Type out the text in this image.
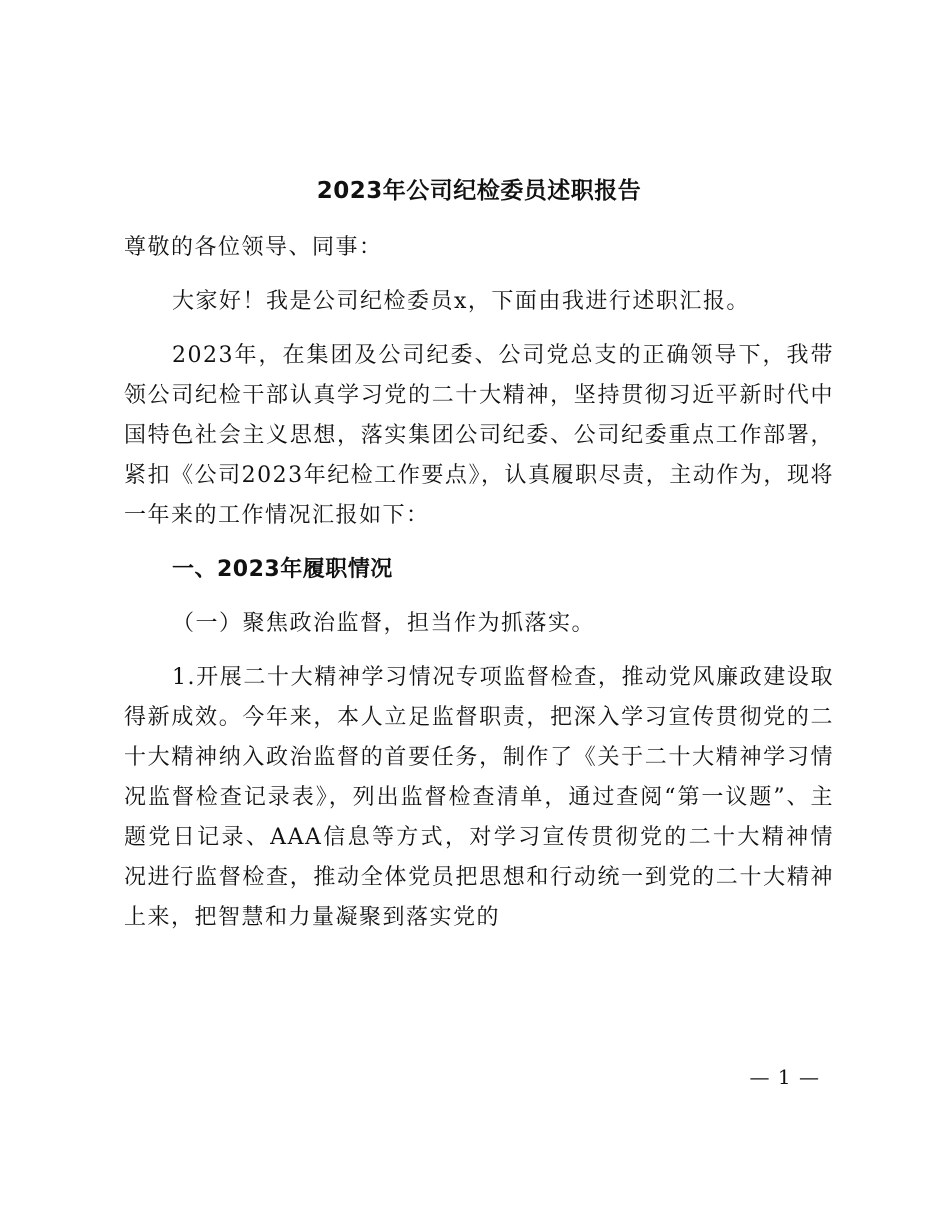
2023年公司纪检委员述职报告

尊敬的各位领导、同事：

大家好！我是公司纪检委员x，下面由我进行述职汇报。

2023年，在集团及公司纪委、公司党总支的正确领导下，我带领公司纪检干部认真学习党的二十大精神，坚持贯彻习近平新时代中国特色社会主义思想，落实集团公司纪委、公司纪委重点工作部署，紧扣《公司2023年纪检工作要点》，认真履职尽责，主动作为，现将一年来的工作情况汇报如下：

一、2023年履职情况

（一）聚焦政治监督，担当作为抓落实。

1.开展二十大精神学习情况专项监督检查，推动党风廉政建设取得新成效。今年来，本人立足监督职责，把深入学习宣传贯彻党的二十大精神纳入政治监督的首要任务，制作了《关于二十大精神学习情况监督检查记录表》，列出监督检查清单，通过查阅“第一议题”、主题党日记录、AAA信息等方式，对学习宣传贯彻党的二十大精神情况进行监督检查，推动全体党员把思想和行动统一到党的二十大精神上来，把智慧和力量凝聚到落实党的

— 1 —
